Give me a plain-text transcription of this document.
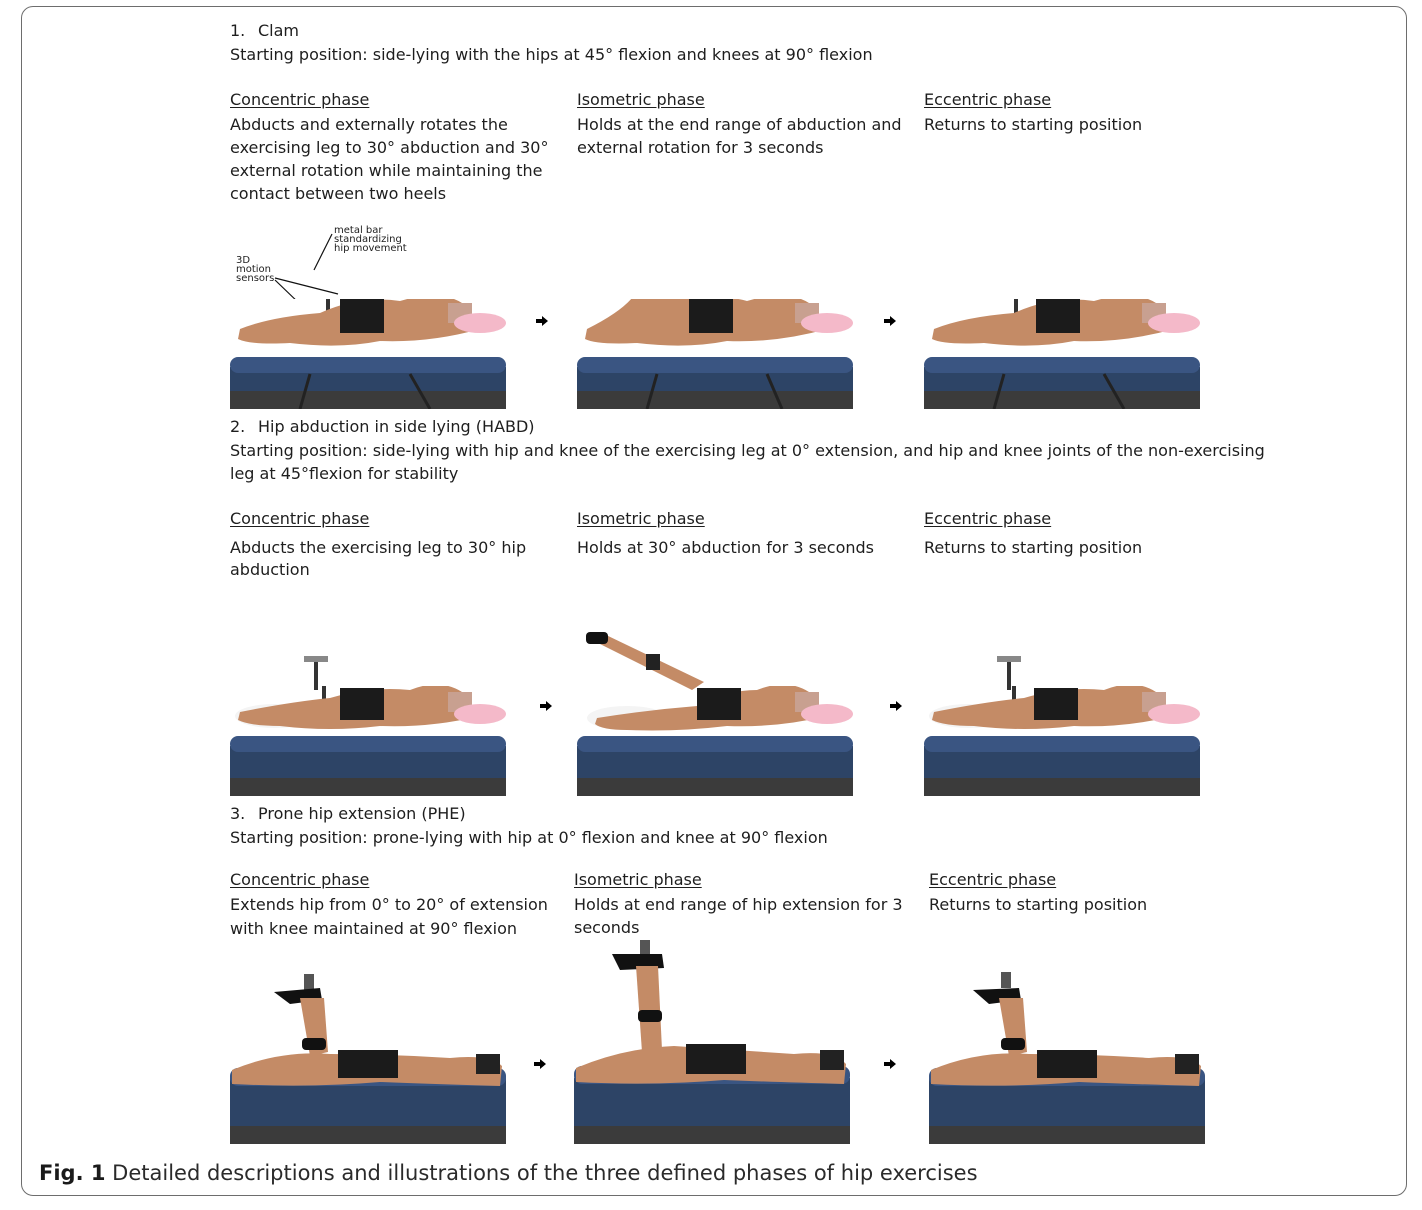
1. Clam
Starting position: side-lying with the hips at 45° flexion and knees at 90° flexion
Concentric phase
Abducts and externally rotates the
exercising leg to 30° abduction and 30°
external rotation while maintaining the
contact between two heels
Isometric phase
Holds at the end range of abduction and
external rotation for 3 seconds
Eccentric phase
Returns to starting position
metal bar
standardizing
hip movement
3D
motion
sensors
2. Hip abduction in side lying (HABD)
Starting position: side-lying with hip and knee of the exercising leg at 0° extension, and hip and knee joints of the non-exercising
leg at 45°flexion for stability
Concentric phase
Abducts the exercising leg to 30° hip
abduction
Isometric phase
Holds at 30° abduction for 3 seconds
Eccentric phase
Returns to starting position
3. Prone hip extension (PHE)
Starting position: prone-lying with hip at 0° flexion and knee at 90° flexion
Concentric phase
Extends hip from 0° to 20° of extension
with knee maintained at 90° flexion
Isometric phase
Holds at end range of hip extension for 3
seconds
Eccentric phase
Returns to starting position
Fig. 1 Detailed descriptions and illustrations of the three defined phases of hip exercises
